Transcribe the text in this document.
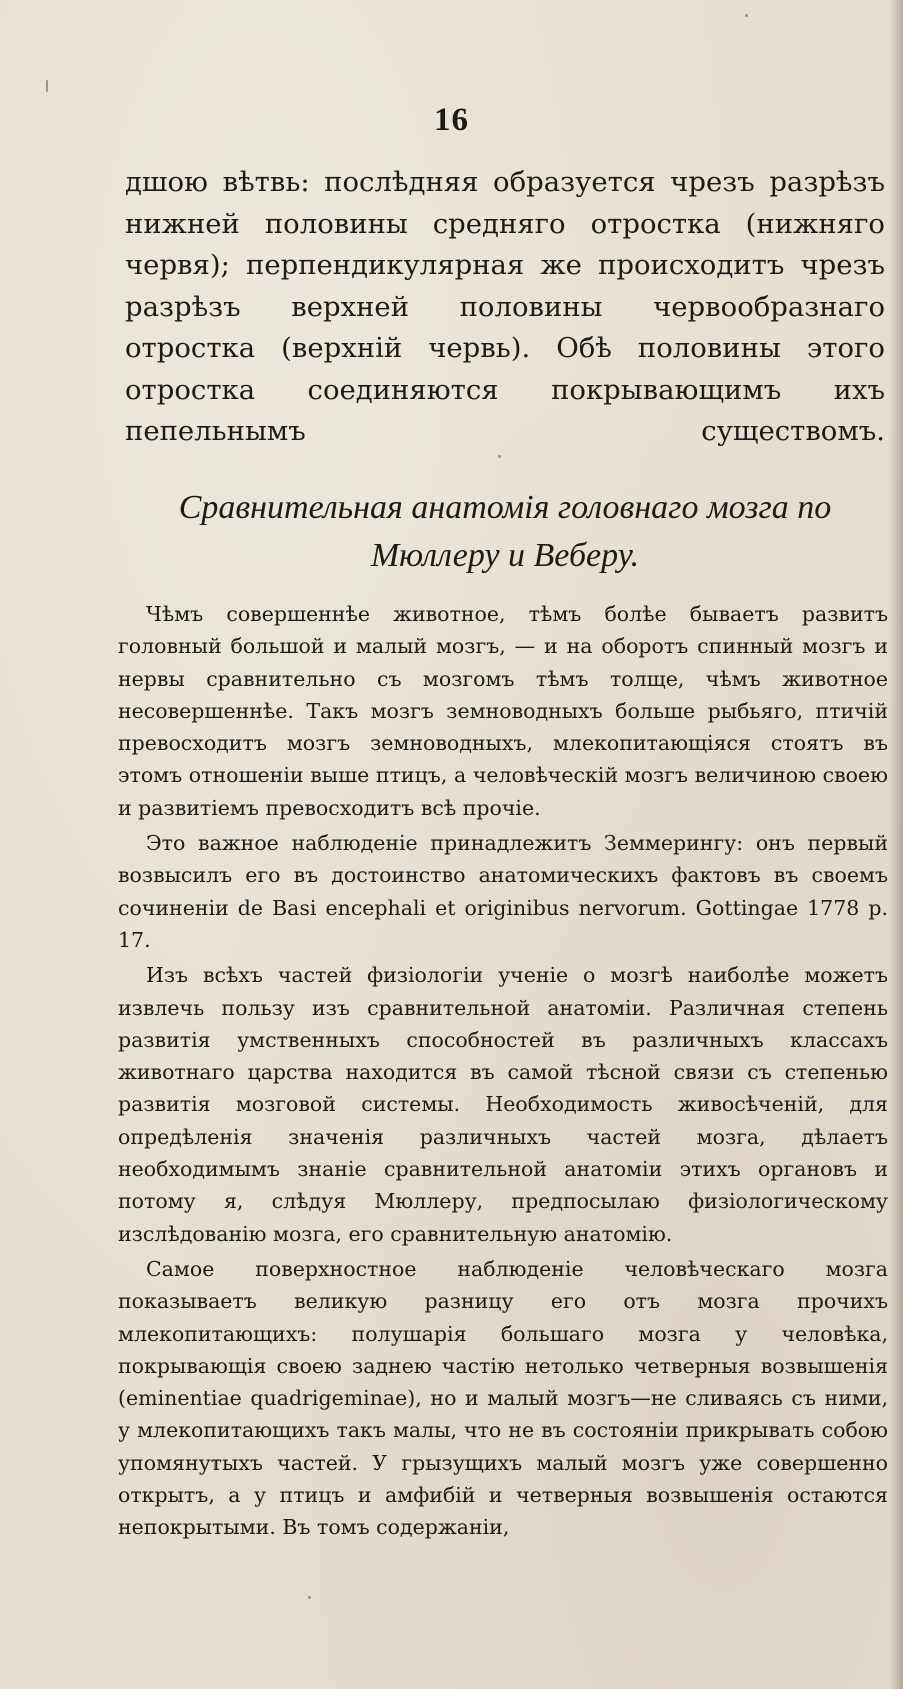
16

дшою вѣтвь: послѣдняя образуется чрезъ разрѣзъ нижней половины средняго отростка (нижняго червя); перпендикулярная же происходитъ чрезъ разрѣзъ верхней половины червообразнаго отростка (верхній червь). Обѣ половины этого отростка соединяются покрывающимъ ихъ пепельнымъ существомъ.

Сравнительная анатомія головнаго мозга по Мюллеру и Веберу.

Чѣмъ совершеннѣе животное, тѣмъ болѣе бываетъ развитъ головный большой и малый мозгъ, — и на оборотъ спинный мозгъ и нервы сравнительно съ мозгомъ тѣмъ толще, чѣмъ животное несовершеннѣе. Такъ мозгъ земноводныхъ больше рыбьяго, птичій превосходитъ мозгъ земноводныхъ, млекопитающіяся стоятъ въ этомъ отношеніи выше птицъ, а человѣческій мозгъ величиною своею и развитіемъ превосходитъ всѣ прочіе.

Это важное наблюденіе принадлежитъ Земмерингу: онъ первый возвысилъ его въ достоинство анатомическихъ фактовъ въ своемъ сочиненіи de Basi encephali et originibus nervorum. Gottingae 1778 p. 17.

Изъ всѣхъ частей физіологіи ученіе о мозгѣ наиболѣе можетъ извлечь пользу изъ сравнительной анатоміи. Различная степень развитія умственныхъ способностей въ различныхъ классахъ животнаго царства находится въ самой тѣсной связи съ степенью развитія мозговой системы. Необходимость живосѣченій, для опредѣленія значенія различныхъ частей мозга, дѣлаетъ необходимымъ знаніе сравнительной анатоміи этихъ органовъ и потому я, слѣдуя Мюллеру, предпосылаю физіологическому изслѣдованію мозга, его сравнительную анатомію.

Самое поверхностное наблюденіе человѣческаго мозга показываетъ великую разницу его отъ мозга прочихъ млекопитающихъ: полушарія большаго мозга у человѣка, покрывающія своею заднею частію нетолько четверныя возвышенія (eminentiae quadrigeminae), но и малый мозгъ—не сливаясь съ ними, у млекопитающихъ такъ малы, что не въ состояніи прикрывать собою упомянутыхъ частей. У грызущихъ малый мозгъ уже совершенно открытъ, а у птицъ и амфибій и четверныя возвышенія остаются непокрытыми. Въ томъ содержаніи,
